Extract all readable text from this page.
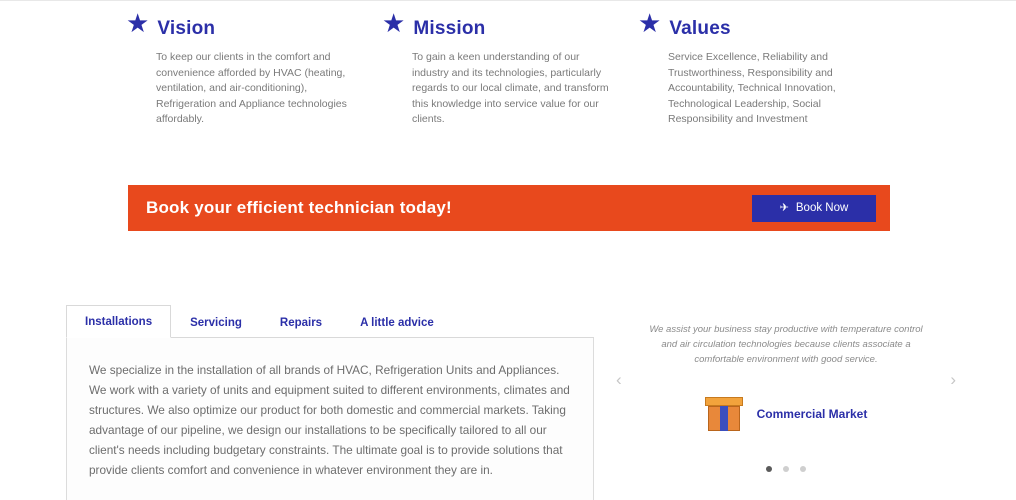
★ Vision
To keep our clients in the comfort and convenience afforded by HVAC (heating, ventilation, and air-conditioning), Refrigeration and Appliance technologies affordably.
★ Mission
To gain a keen understanding of our industry and its technologies, particularly regards to our local climate, and transform this knowledge into service value for our clients.
★ Values
Service Excellence, Reliability and Trustworthiness, Responsibility and Accountability, Technical Innovation, Technological Leadership, Social Responsibility and Investment
Book your efficient technician today!	✈ Book Now
Installations	Servicing	Repairs	A little advice

We specialize in the installation of all brands of HVAC, Refrigeration Units and Appliances. We work with a variety of units and equipment suited to different environments, climates and structures. We also optimize our product for both domestic and commercial markets. Taking advantage of our pipeline, we design our installations to be specifically tailored to all our client's needs including budgetary constraints. The ultimate goal is to provide solutions that provide clients comfort and convenience in whatever environment they are in.

We assist your business stay productive with temperature control and air circulation technologies because clients associate a comfortable environment with good service.
Commercial Market
‹	›
